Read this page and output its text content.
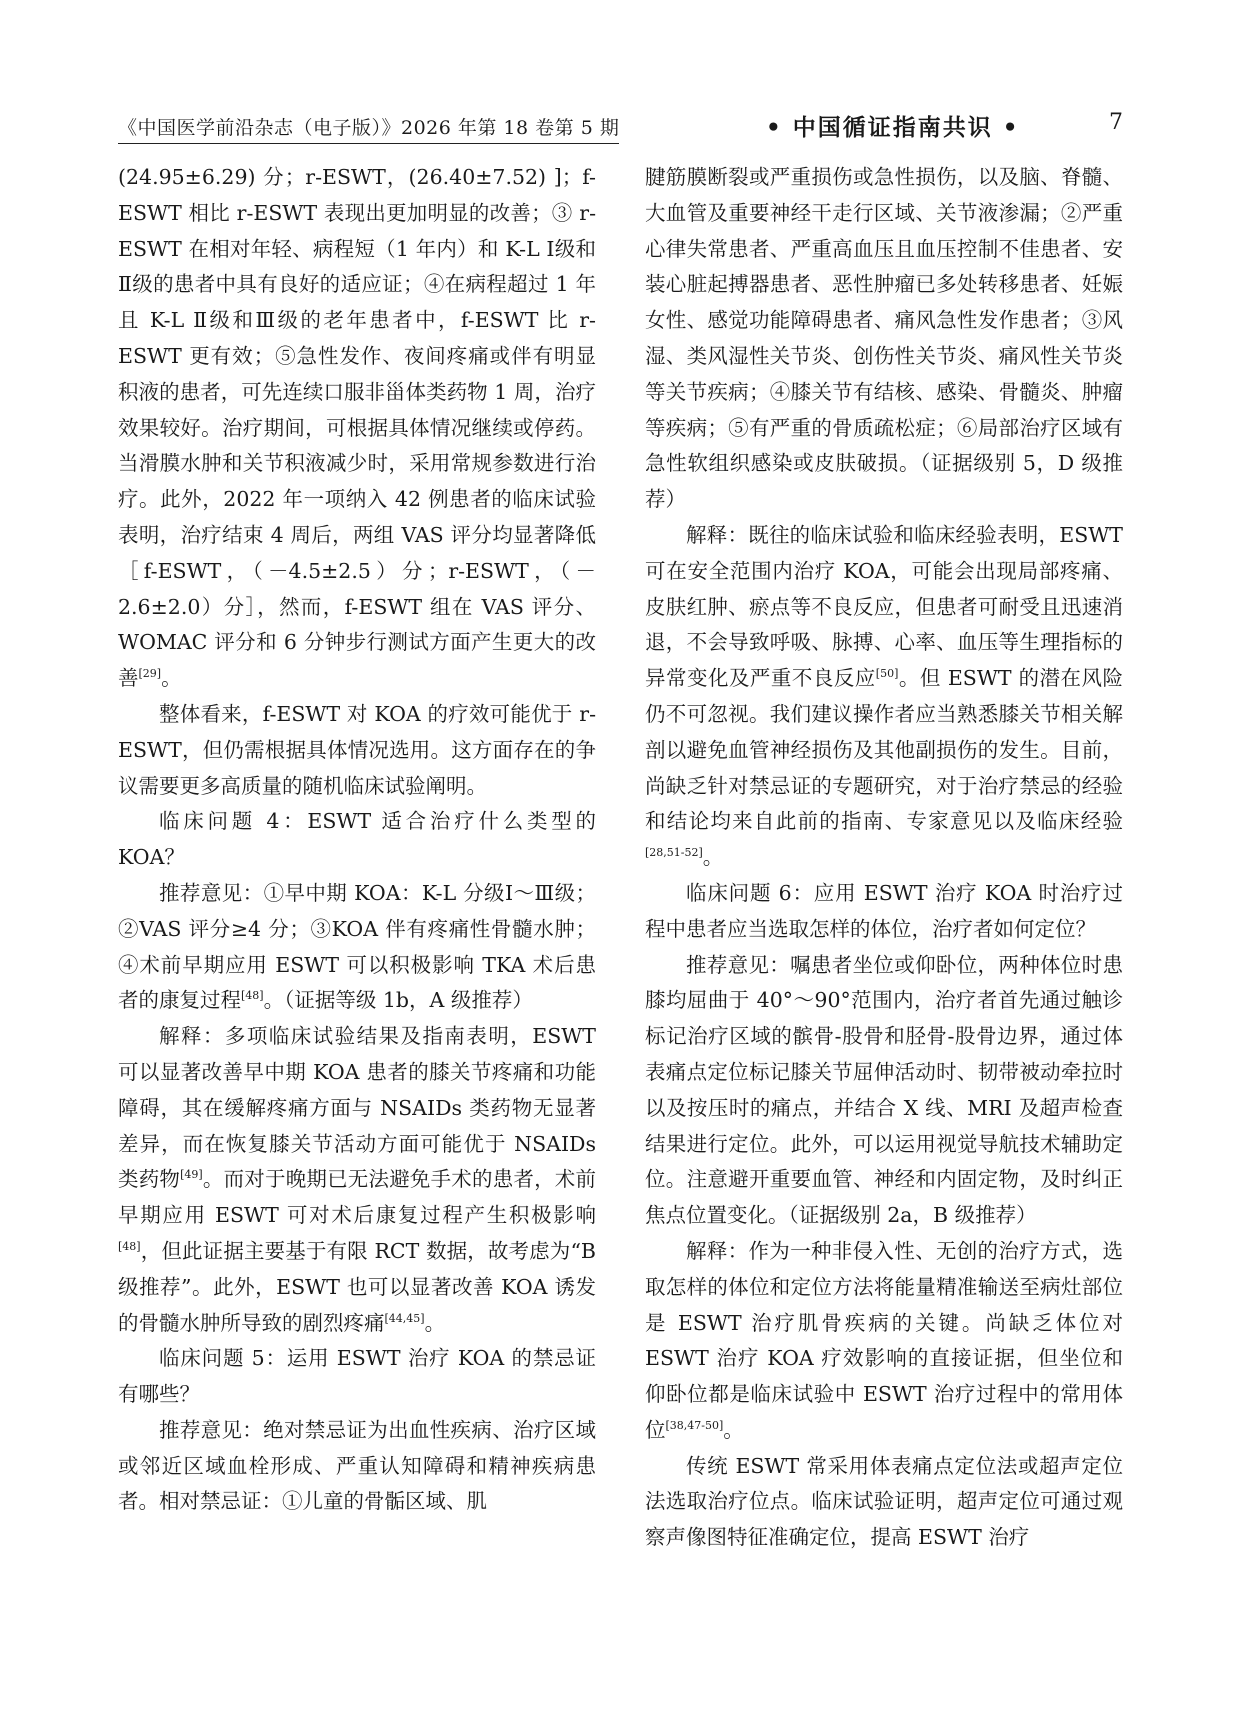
《中国医学前沿杂志（电子版）》2026 年第 18 卷第 5 期	• 中国循证指南共识 •	7

(24.95±6.29) 分；r-ESWT，(26.40±7.52) ]；f-ESWT 相比 r-ESWT 表现出更加明显的改善；③ r-ESWT 在相对年轻、病程短（1 年内）和 K-L Ⅰ级和Ⅱ级的患者中具有良好的适应证；④在病程超过 1 年且 K-L Ⅱ级和Ⅲ级的老年患者中，f-ESWT 比 r-ESWT 更有效；⑤急性发作、夜间疼痛或伴有明显积液的患者，可先连续口服非甾体类药物 1 周，治疗效果较好。治疗期间，可根据具体情况继续或停药。当滑膜水肿和关节积液减少时，采用常规参数进行治疗。此外，2022 年一项纳入 42 例患者的临床试验表明，治疗结束 4 周后，两组 VAS 评分均显著降低［f-ESWT，（－4.5±2.5）分；r-ESWT，（－2.6±2.0）分］，然而，f-ESWT 组在 VAS 评分、WOMAC 评分和 6 分钟步行测试方面产生更大的改善[29]。

整体看来，f-ESWT 对 KOA 的疗效可能优于 r-ESWT，但仍需根据具体情况选用。这方面存在的争议需要更多高质量的随机临床试验阐明。

临床问题 4：ESWT 适合治疗什么类型的 KOA？

推荐意见：①早中期 KOA：K-L 分级Ⅰ～Ⅲ级；②VAS 评分≥4 分；③KOA 伴有疼痛性骨髓水肿；④术前早期应用 ESWT 可以积极影响 TKA 术后患者的康复过程[48]。（证据等级 1b，A 级推荐）

解释：多项临床试验结果及指南表明，ESWT 可以显著改善早中期 KOA 患者的膝关节疼痛和功能障碍，其在缓解疼痛方面与 NSAIDs 类药物无显著差异，而在恢复膝关节活动方面可能优于 NSAIDs 类药物[49]。而对于晚期已无法避免手术的患者，术前早期应用 ESWT 可对术后康复过程产生积极影响[48]，但此证据主要基于有限 RCT 数据，故考虑为“B 级推荐”。此外，ESWT 也可以显著改善 KOA 诱发的骨髓水肿所导致的剧烈疼痛[44,45]。

临床问题 5：运用 ESWT 治疗 KOA 的禁忌证有哪些？

推荐意见：绝对禁忌证为出血性疾病、治疗区域或邻近区域血栓形成、严重认知障碍和精神疾病患者。相对禁忌证：①儿童的骨骺区域、肌

腱筋膜断裂或严重损伤或急性损伤，以及脑、脊髓、大血管及重要神经干走行区域、关节液渗漏；②严重心律失常患者、严重高血压且血压控制不佳患者、安装心脏起搏器患者、恶性肿瘤已多处转移患者、妊娠女性、感觉功能障碍患者、痛风急性发作患者；③风湿、类风湿性关节炎、创伤性关节炎、痛风性关节炎等关节疾病；④膝关节有结核、感染、骨髓炎、肿瘤等疾病；⑤有严重的骨质疏松症；⑥局部治疗区域有急性软组织感染或皮肤破损。（证据级别 5，D 级推荐）

解释：既往的临床试验和临床经验表明，ESWT 可在安全范围内治疗 KOA，可能会出现局部疼痛、皮肤红肿、瘀点等不良反应，但患者可耐受且迅速消退，不会导致呼吸、脉搏、心率、血压等生理指标的异常变化及严重不良反应[50]。但 ESWT 的潜在风险仍不可忽视。我们建议操作者应当熟悉膝关节相关解剖以避免血管神经损伤及其他副损伤的发生。目前，尚缺乏针对禁忌证的专题研究，对于治疗禁忌的经验和结论均来自此前的指南、专家意见以及临床经验[28,51-52]。

临床问题 6：应用 ESWT 治疗 KOA 时治疗过程中患者应当选取怎样的体位，治疗者如何定位？

推荐意见：嘱患者坐位或仰卧位，两种体位时患膝均屈曲于 40°～90°范围内，治疗者首先通过触诊标记治疗区域的髌骨-股骨和胫骨-股骨边界，通过体表痛点定位标记膝关节屈伸活动时、韧带被动牵拉时以及按压时的痛点，并结合 X 线、MRI 及超声检查结果进行定位。此外，可以运用视觉导航技术辅助定位。注意避开重要血管、神经和内固定物，及时纠正焦点位置变化。（证据级别 2a，B 级推荐）

解释：作为一种非侵入性、无创的治疗方式，选取怎样的体位和定位方法将能量精准输送至病灶部位是 ESWT 治疗肌骨疾病的关键。尚缺乏体位对 ESWT 治疗 KOA 疗效影响的直接证据，但坐位和仰卧位都是临床试验中 ESWT 治疗过程中的常用体位[38,47-50]。

传统 ESWT 常采用体表痛点定位法或超声定位法选取治疗位点。临床试验证明，超声定位可通过观察声像图特征准确定位，提高 ESWT 治疗
